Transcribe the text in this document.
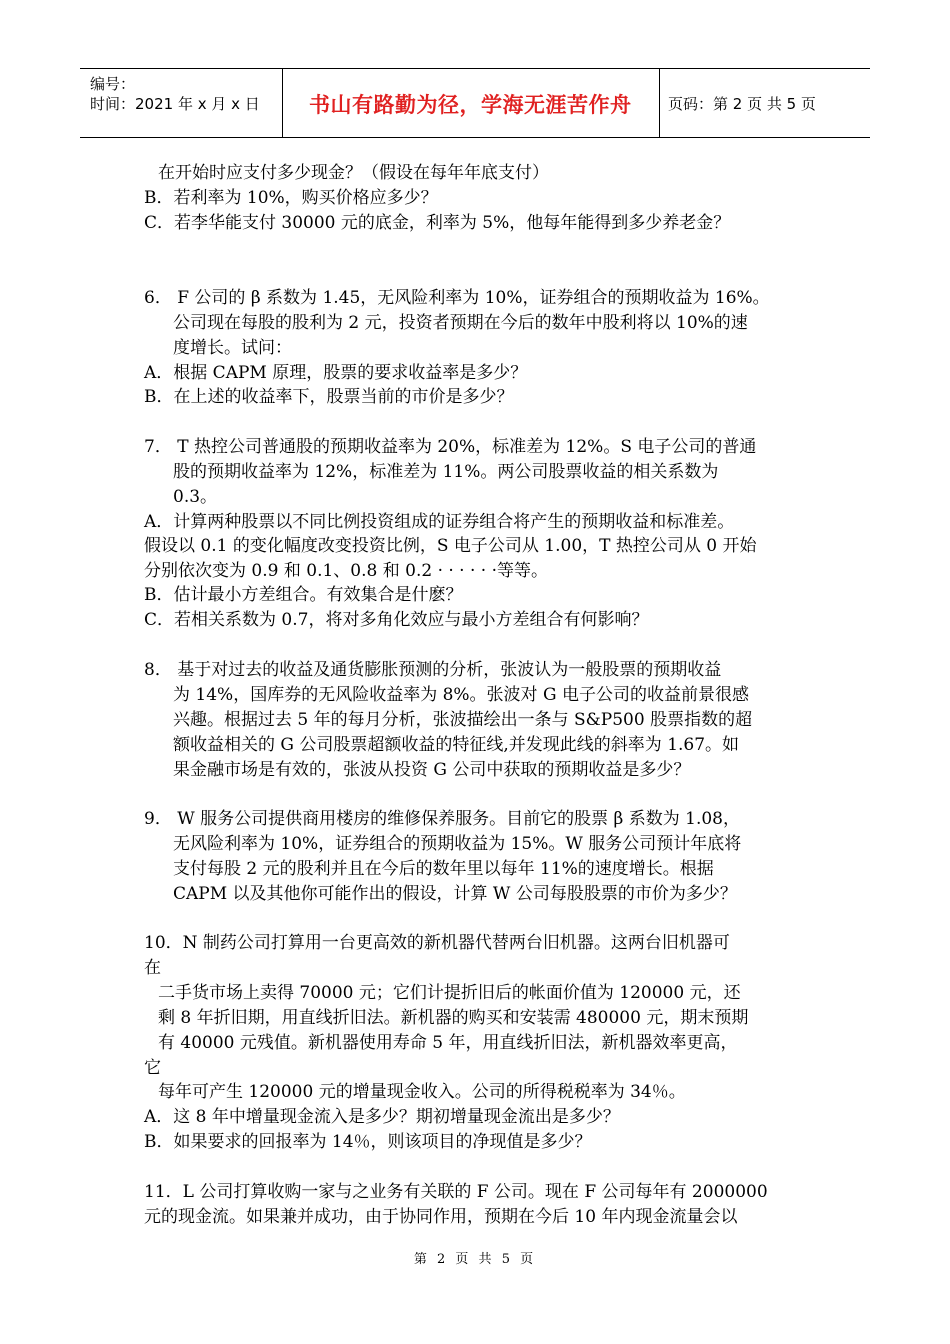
编号：
时间：2021 年 x 月 x 日 书山有路勤为径，学海无涯苦作舟 页码：第 2 页 共 5 页
在开始时应支付多少现金？（假设在每年年底支付）
B．若利率为 10%，购买价格应多少？
C．若李华能支付 30000 元的底金，利率为 5%，他每年能得到多少养老金？
6． F 公司的 β 系数为 1.45，无风险利率为 10%，证券组合的预期收益为 16%。
公司现在每股的股利为 2 元，投资者预期在今后的数年中股利将以 10%的速
度增长。试问：
A．根据 CAPM 原理，股票的要求收益率是多少？
B．在上述的收益率下，股票当前的市价是多少？
7． T 热控公司普通股的预期收益率为 20%，标准差为 12%。S 电子公司的普通
股的预期收益率为 12%，标准差为 11%。两公司股票收益的相关系数为
0.3。
A．计算两种股票以不同比例投资组成的证券组合将产生的预期收益和标准差。
假设以 0.1 的变化幅度改变投资比例，S 电子公司从 1.00，T 热控公司从 0 开始
分别依次变为 0.9 和 0.1、0.8 和 0.2 · · · · · ·等等。
B．估计最小方差组合。有效集合是什麽？
C．若相关系数为 0.7，将对多角化效应与最小方差组合有何影响？
8． 基于对过去的收益及通货膨胀预测的分析，张波认为一般股票的预期收益
为 14%，国库券的无风险收益率为 8%。张波对 G 电子公司的收益前景很感
兴趣。根据过去 5 年的每月分析，张波描绘出一条与 S&P500 股票指数的超
额收益相关的 G 公司股票超额收益的特征线,并发现此线的斜率为 1.67。如
果金融市场是有效的，张波从投资 G 公司中获取的预期收益是多少？
9． W 服务公司提供商用楼房的维修保养服务。目前它的股票 β 系数为 1.08，
无风险利率为 10%，证券组合的预期收益为 15%。W 服务公司预计年底将
支付每股 2 元的股利并且在今后的数年里以每年 11%的速度增长。根据
CAPM 以及其他你可能作出的假设，计算 W 公司每股股票的市价为多少？
10．N 制药公司打算用一台更高效的新机器代替两台旧机器。这两台旧机器可
在
二手货市场上卖得 70000 元；它们计提折旧后的帐面价值为 120000 元，还
剩 8 年折旧期，用直线折旧法。新机器的购买和安装需 480000 元，期末预期
有 40000 元残值。新机器使用寿命 5 年，用直线折旧法，新机器效率更高，
它
每年可产生 120000 元的增量现金收入。公司的所得税税率为 34％。
A．这 8 年中增量现金流入是多少？期初增量现金流出是多少？
B．如果要求的回报率为 14％，则该项目的净现值是多少？
11．L 公司打算收购一家与之业务有关联的 F 公司。现在 F 公司每年有 2000000
元的现金流。如果兼并成功，由于协同作用，预期在今后 10 年内现金流量会以
第 2 页 共 5 页
